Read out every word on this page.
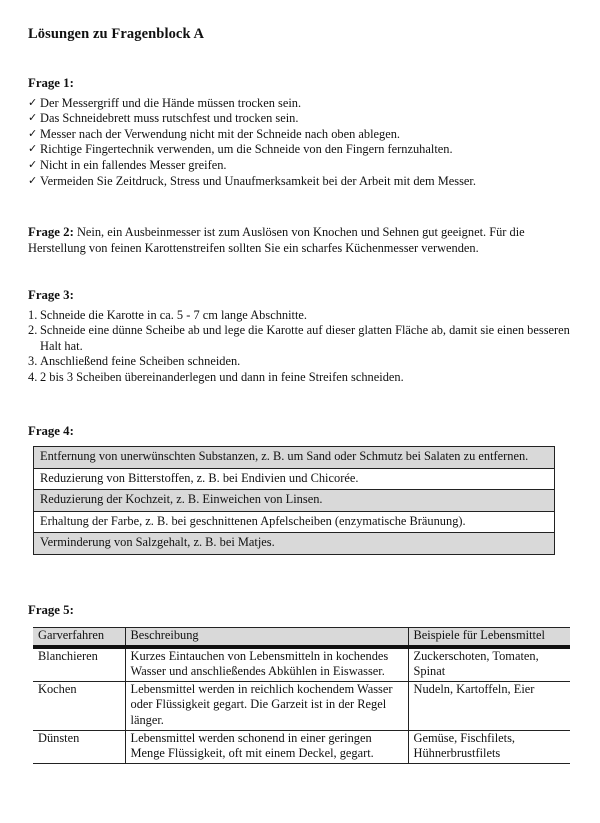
Lösungen zu Fragenblock A
Frage 1:
✓ Der Messergriff und die Hände müssen trocken sein.
✓ Das Schneidebrett muss rutschfest und trocken sein.
✓ Messer nach der Verwendung nicht mit der Schneide nach oben ablegen.
✓ Richtige Fingertechnik verwenden, um die Schneide von den Fingern fernzuhalten.
✓ Nicht in ein fallendes Messer greifen.
✓ Vermeiden Sie Zeitdruck, Stress und Unaufmerksamkeit bei der Arbeit mit dem Messer.

Frage 2: Nein, ein Ausbeinmesser ist zum Auslösen von Knochen und Sehnen gut geeignet. Für die Herstellung von feinen Karottenstreifen sollten Sie ein scharfes Küchenmesser verwenden.

Frage 3:
1. Schneide die Karotte in ca. 5 - 7 cm lange Abschnitte.
2. Schneide eine dünne Scheibe ab und lege die Karotte auf dieser glatten Fläche ab, damit sie einen besseren Halt hat.
3. Anschließend feine Scheiben schneiden.
4. 2 bis 3 Scheiben übereinanderlegen und dann in feine Streifen schneiden.
Frage 4:
Entfernung von unerwünschten Substanzen, z. B. um Sand oder Schmutz bei Salaten zu entfernen.
Reduzierung von Bitterstoffen, z. B. bei Endivien und Chicorée.
Reduzierung der Kochzeit, z. B. Einweichen von Linsen.
Erhaltung der Farbe, z. B. bei geschnittenen Apfelscheiben (enzymatische Bräunung).
Verminderung von Salzgehalt, z. B. bei Matjes.
Frage 5:
Garverfahren	Beschreibung	Beispiele für Lebensmittel
Blanchieren	Kurzes Eintauchen von Lebensmitteln in kochendes Wasser und anschließendes Abkühlen in Eiswasser.	Zuckerschoten, Tomaten, Spinat
Kochen	Lebensmittel werden in reichlich kochendem Wasser oder Flüssigkeit gegart. Die Garzeit ist in der Regel länger.	Nudeln, Kartoffeln, Eier
Dünsten	Lebensmittel werden schonend in einer geringen Menge Flüssigkeit, oft mit einem Deckel, gegart.	Gemüse, Fischfilets, Hühnerbrustfilets
